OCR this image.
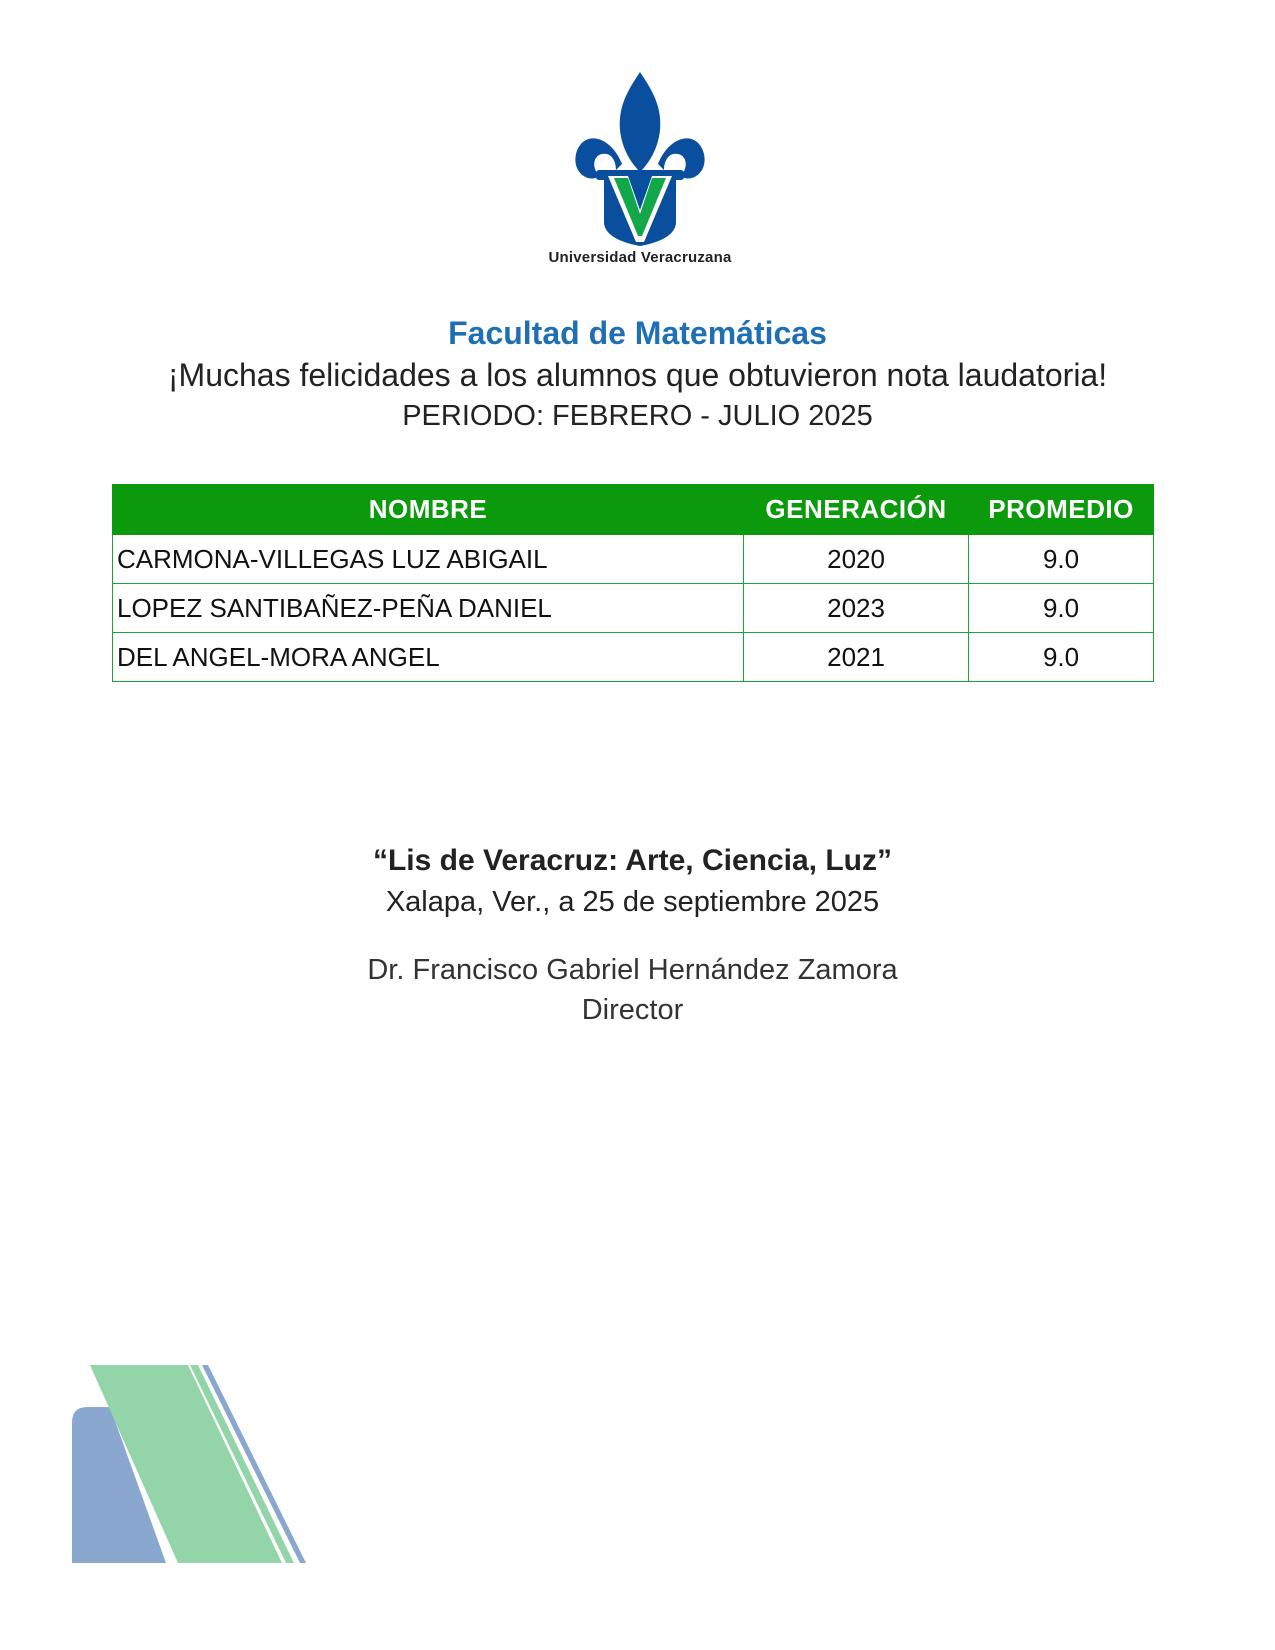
Universidad Veracruzana
Facultad de Matemáticas
¡Muchas felicidades a los alumnos que obtuvieron nota laudatoria!
PERIODO: FEBRERO - JULIO 2025
NOMBRE	GENERACIÓN	PROMEDIO
CARMONA-VILLEGAS LUZ ABIGAIL	2020	9.0
LOPEZ SANTIBAÑEZ-PEÑA DANIEL	2023	9.0
DEL ANGEL-MORA ANGEL	2021	9.0
“Lis de Veracruz: Arte, Ciencia, Luz”
Xalapa, Ver., a 25 de septiembre 2025
Dr. Francisco Gabriel Hernández Zamora
Director
